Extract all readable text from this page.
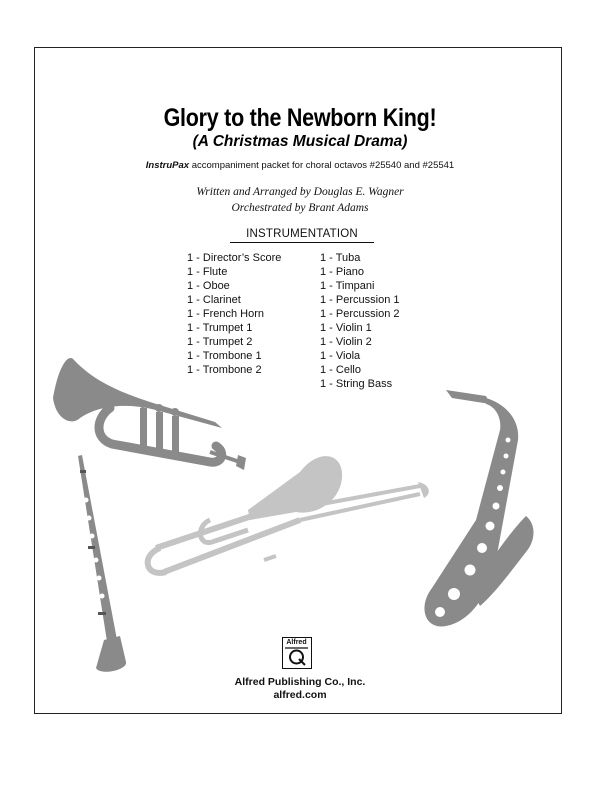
Glory to the Newborn King!
(A Christmas Musical Drama)
InstruPax accompaniment packet for choral octavos #25540 and #25541
Written and Arranged by Douglas E. Wagner
Orchestrated by Brant Adams
INSTRUMENTATION
1 - Director’s Score
1 - Flute
1 - Oboe
1 - Clarinet
1 - French Horn
1 - Trumpet 1
1 - Trumpet 2
1 - Trombone 1
1 - Trombone 2
1 - Tuba
1 - Piano
1 - Timpani
1 - Percussion 1
1 - Percussion 2
1 - Violin 1
1 - Violin 2
1 - Viola
1 - Cello
1 - String Bass
Alfred
Alfred Publishing Co., Inc.
alfred.com
